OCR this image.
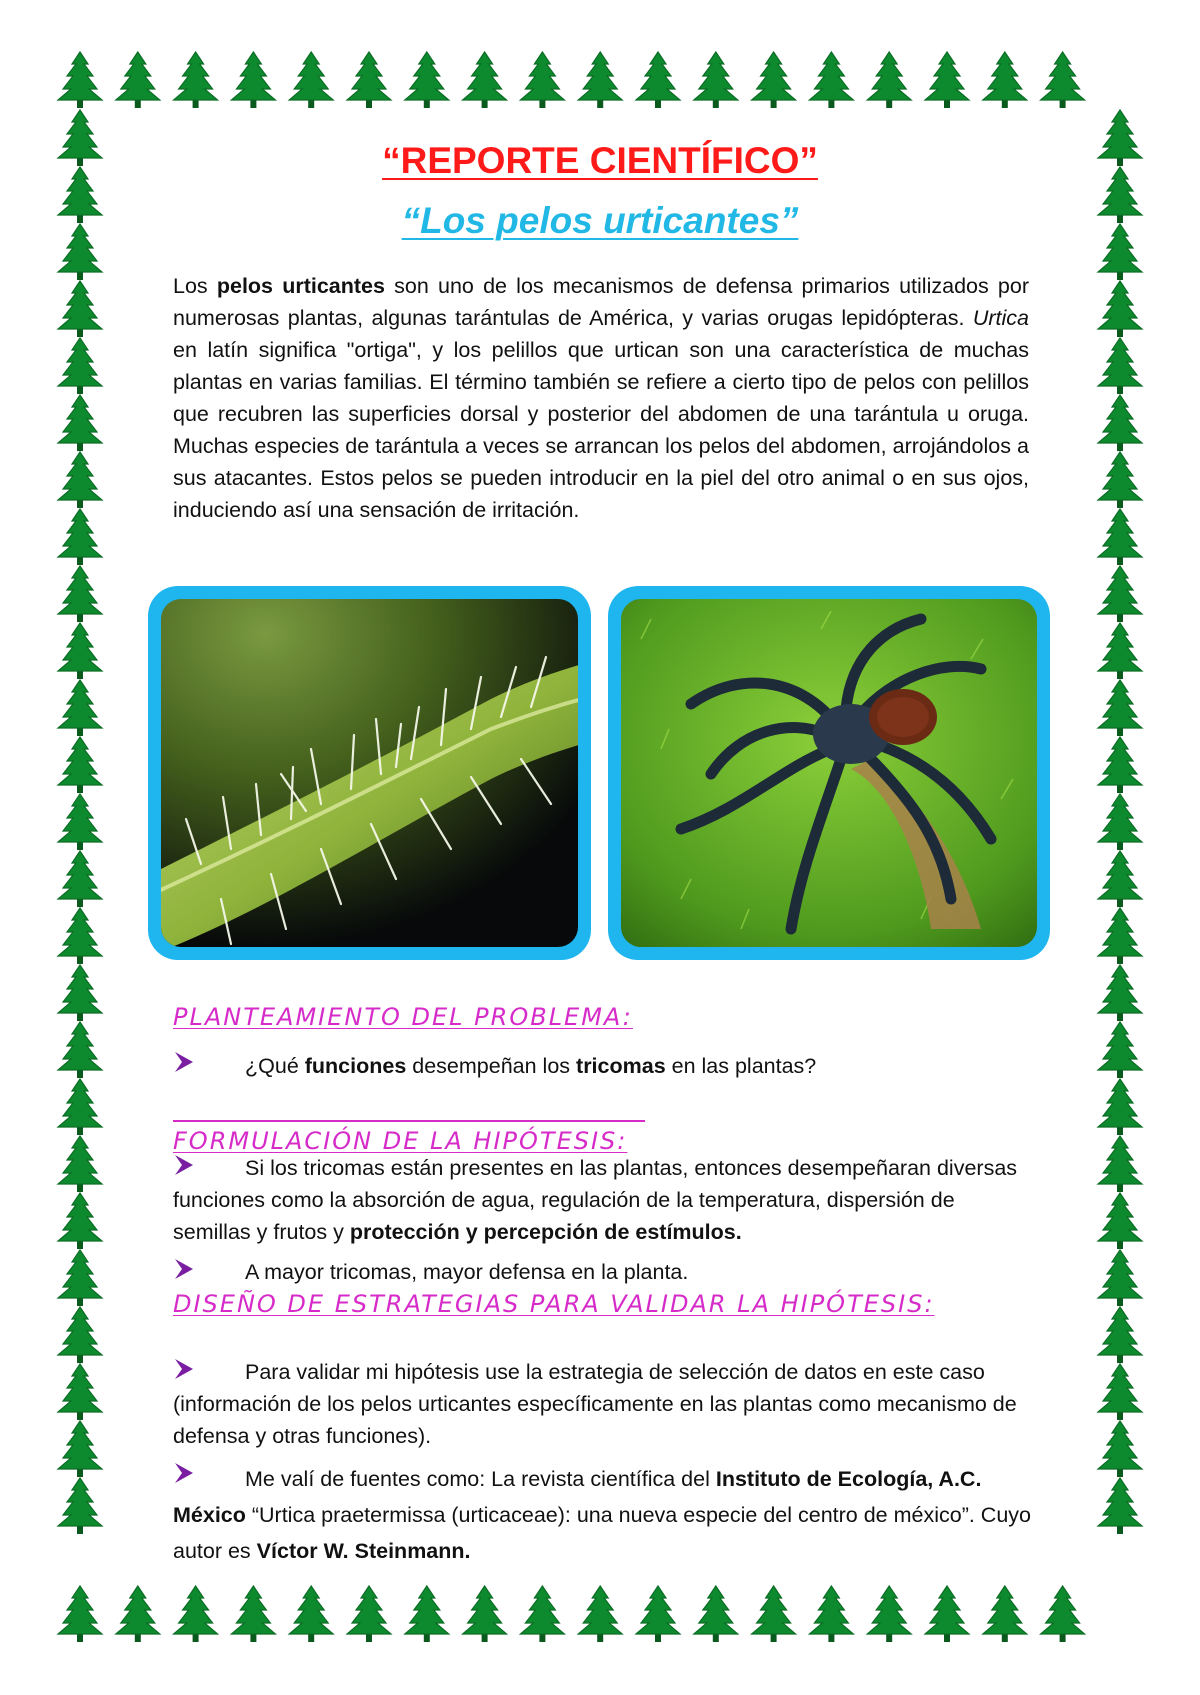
“REPORTE CIENTÍFICO”
“Los pelos urticantes”
Los pelos urticantes son uno de los mecanismos de defensa primarios utilizados por numerosas plantas, algunas tarántulas de América, y varias orugas lepidópteras. Urtica en latín significa "ortiga", y los pelillos que urtican son una característica de muchas plantas en varias familias. El término también se refiere a cierto tipo de pelos con pelillos que recubren las superficies dorsal y posterior del abdomen de una tarántula u oruga. Muchas especies de tarántula a veces se arrancan los pelos del abdomen, arrojándolos a sus atacantes. Estos pelos se pueden introducir en la piel del otro animal o en sus ojos, induciendo así una sensación de irritación.
PLANTEAMIENTO DEL PROBLEMA:
¿Qué funciones desempeñan los tricomas en las plantas?
FORMULACIÓN DE LA HIPÓTESIS:
Si los tricomas están presentes en las plantas, entonces desempeñaran diversas funciones como la absorción de agua, regulación de la temperatura, dispersión de semillas y frutos y protección y percepción de estímulos.
A mayor tricomas, mayor defensa en la planta.
DISEÑO DE ESTRATEGIAS PARA VALIDAR LA HIPÓTESIS:
Para validar mi hipótesis use la estrategia de selección de datos en este caso (información de los pelos urticantes específicamente en las plantas como mecanismo de defensa y otras funciones).
Me valí de fuentes como: La revista científica del Instituto de Ecología, A.C. México “Urtica praetermissa (urticaceae): una nueva especie del centro de méxico”. Cuyo autor es Víctor W. Steinmann.
